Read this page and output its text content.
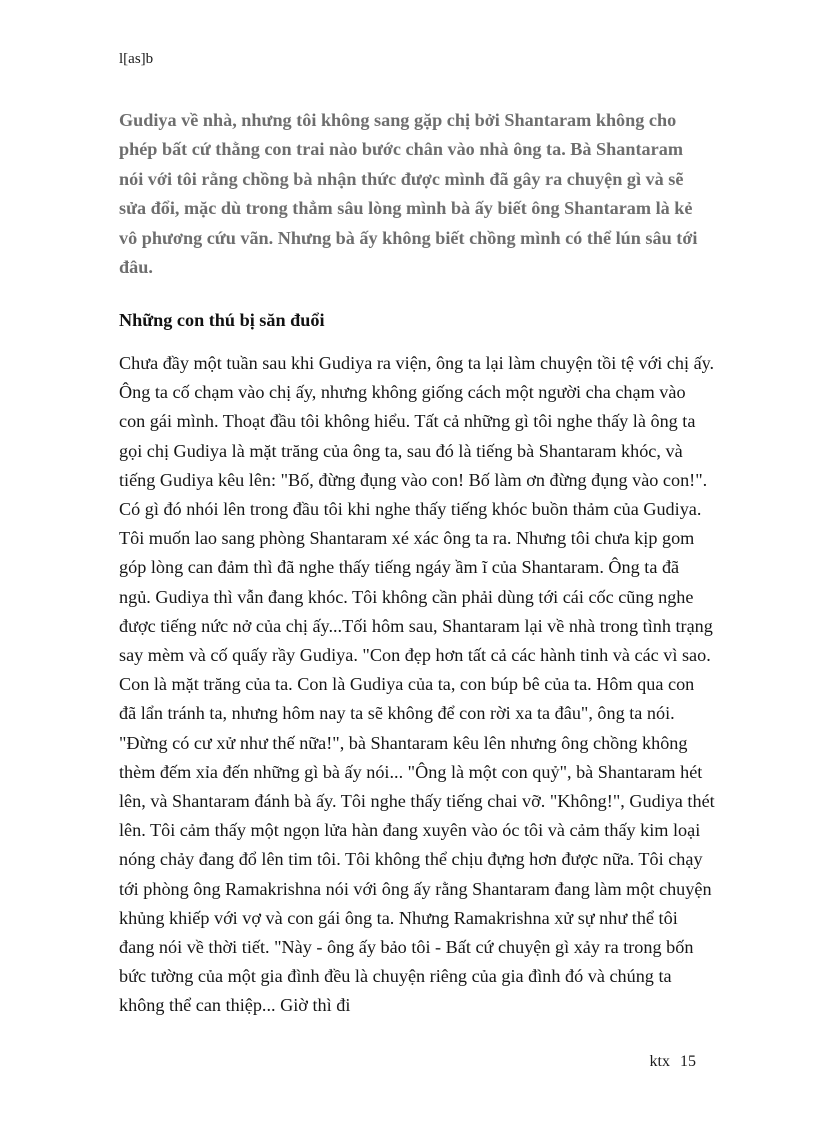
l[as]b

Gudiya về nhà, nhưng tôi không sang gặp chị bởi Shantaram không cho phép bất cứ thằng con trai nào bước chân vào nhà ông ta. Bà Shantaram nói với tôi rằng chồng bà nhận thức được mình đã gây ra chuyện gì và sẽ sửa đổi, mặc dù trong thẳm sâu lòng mình bà ấy biết ông Shantaram là kẻ vô phương cứu vãn. Nhưng bà ấy không biết chồng mình có thể lún sâu tới đâu.

Những con thú bị săn đuổi

Chưa đầy một tuần sau khi Gudiya ra viện, ông ta lại làm chuyện tồi tệ với chị ấy. Ông ta cố chạm vào chị ấy, nhưng không giống cách một người cha chạm vào con gái mình. Thoạt đầu tôi không hiểu. Tất cả những gì tôi nghe thấy là ông ta gọi chị Gudiya là mặt trăng của ông ta, sau đó là tiếng bà Shantaram khóc, và tiếng Gudiya kêu lên: "Bố, đừng đụng vào con! Bố làm ơn đừng đụng vào con!". Có gì đó nhói lên trong đầu tôi khi nghe thấy tiếng khóc buồn thảm của Gudiya. Tôi muốn lao sang phòng Shantaram xé xác ông ta ra. Nhưng tôi chưa kịp gom góp lòng can đảm thì đã nghe thấy tiếng ngáy ầm ĩ của Shantaram. Ông ta đã ngủ. Gudiya thì vẫn đang khóc. Tôi không cần phải dùng tới cái cốc cũng nghe được tiếng nức nở của chị ấy...Tối hôm sau, Shantaram lại về nhà trong tình trạng say mèm và cố quấy rầy Gudiya. "Con đẹp hơn tất cả các hành tinh và các vì sao. Con là mặt trăng của ta. Con là Gudiya của ta, con búp bê của ta. Hôm qua con đã lẩn tránh ta, nhưng hôm nay ta sẽ không để con rời xa ta đâu", ông ta nói. "Đừng có cư xử như thế nữa!", bà Shantaram kêu lên nhưng ông chồng không thèm đếm xỉa đến những gì bà ấy nói... "Ông là một con quỷ", bà Shantaram hét lên, và Shantaram đánh bà ấy. Tôi nghe thấy tiếng chai vỡ. "Không!", Gudiya thét lên. Tôi cảm thấy một ngọn lửa hàn đang xuyên vào óc tôi và cảm thấy kim loại nóng chảy đang đổ lên tim tôi. Tôi không thể chịu đựng hơn được nữa. Tôi chạy tới phòng ông Ramakrishna nói với ông ấy rằng Shantaram đang làm một chuyện khủng khiếp với vợ và con gái ông ta. Nhưng Ramakrishna xử sự như thể tôi đang nói về thời tiết. "Này - ông ấy bảo tôi - Bất cứ chuyện gì xảy ra trong bốn bức tường của một gia đình đều là chuyện riêng của gia đình đó và chúng ta không thể can thiệp... Giờ thì đi

ktx 15
